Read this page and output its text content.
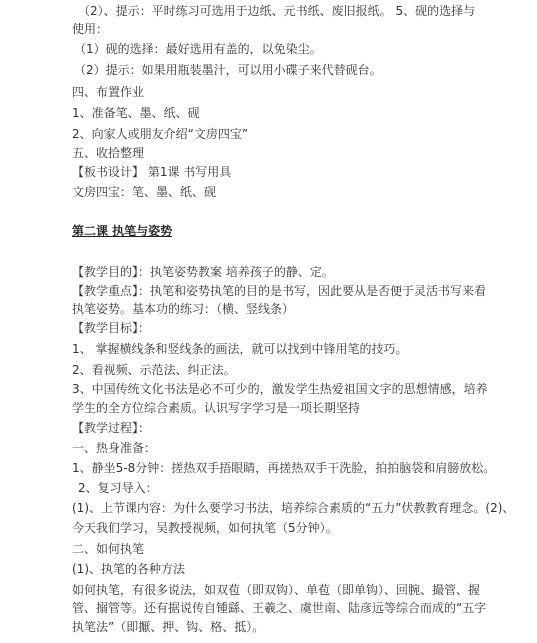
（2）、提示：平时练习可选用于边纸、元书纸、废旧报纸。 5、砚的选择与
使用：
（1）砚的选择：最好选用有盖的，以免染尘。
（2）提示：如果用瓶装墨汁，可以用小碟子来代替砚台。
四、布置作业
1、准备笔、墨、纸、砚
2、向家人或朋友介绍“文房四宝”
五、收拾整理
【板书设计】 第1课 书写用具
文房四宝：笔、墨、纸、砚
第二课 执笔与姿势
【教学目的】：执笔姿势教案 培养孩子的静、定。
【教学重点】：执笔和姿势执笔的目的是书写，因此要从是否便于灵活书写来看
执笔姿势。基本功的练习：（横、竖线条）
【教学目标】：
1、 掌握横线条和竖线条的画法，就可以找到中锋用笔的技巧。
2、看视频、示范法、纠正法。
3、中国传统文化书法是必不可少的，激发学生热爱祖国文字的思想情感，培养
学生的全方位综合素质。认识写字学习是一项长期坚持
【教学过程】：
一、热身准备：
1、静坐5-8分钟：搓热双手捂眼睛，再搓热双手干洗脸，拍拍脑袋和肩膀放松。
2、复习导入：
(1)、上节课内容：为什么要学习书法，培养综合素质的“五力”伏教教育理念。(2)、
今天我们学习，吴教授视频，如何执笔（5分钟）。
二、如何执笔
(1)、执笔的各种方法
如何执笔，有很多说法，如双苞（即双钩）、单苞（即单钩）、回腕、撮管、握
管、搦管等。还有据说传自锺繇、王羲之、虞世南、陆彦远等综合而成的“五字
执笔法”（即擫、押、钩、格、抵）。
